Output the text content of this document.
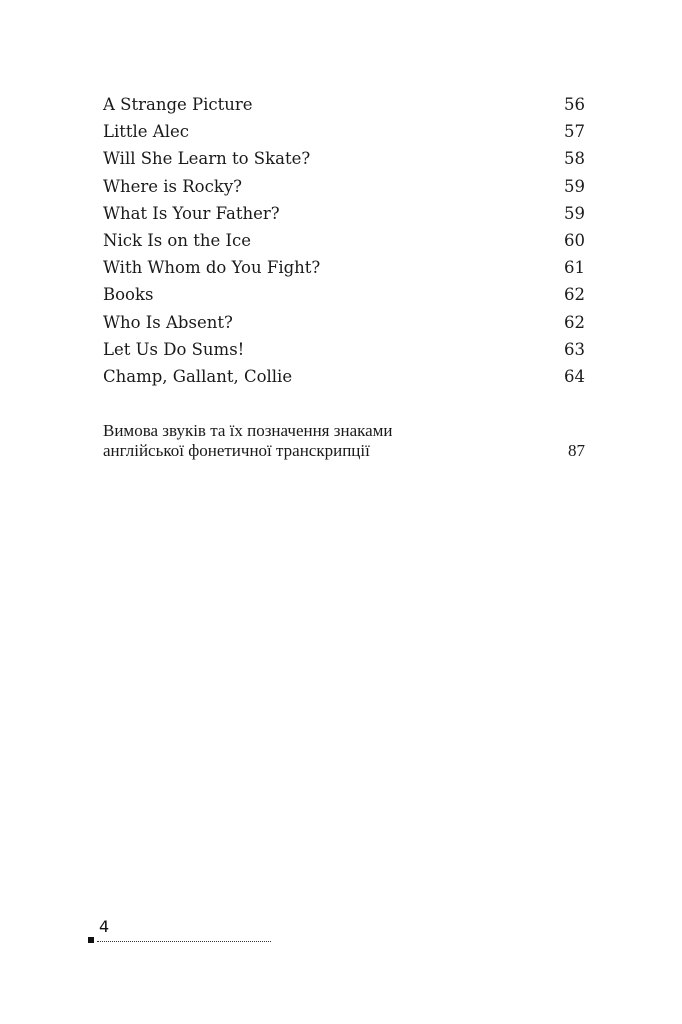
A Strange Picture	56
Little Alec	57
Will She Learn to Skate?	58
Where is Rocky?	59
What Is Your Father?	59
Nick Is on the Ice	60
With Whom do You Fight?	61
Books	62
Who Is Absent?	62
Let Us Do Sums!	63
Champ, Gallant, Collie	64
Вимова звуків та їх позначення знаками
англійської фонетичної транскрипції	87
4
